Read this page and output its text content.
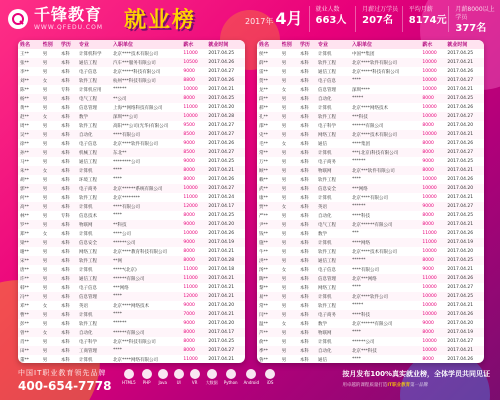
千锋教育
WWW.QFEDU.COM 就业榜	2017年 4月 就业人数
663人
月薪过万学员
207名
平均月薪
8174元
月薪8000以上学员
377名
姓名	性别	学历	专业	入职单位	薪水	就业时间
王**	男	本科	计算机科学	北京****技术有限公司	11000	2017.04.25
张**	男	本科	通信工程	汽车***服务有限公司	10500	2017.04.26
李**	男	本科	电子信息	北京*****科技有限公司	9000	2017.04.27
刘**	女	本科	软件工程	杭州***科技有限公司	8800	2017.04.26
陈**	男	专科	计算机应用	******	10000	2017.04.21
杨**	男	本科	电气工程	**公司	8000	2017.04.25
黄**	男	本科	信息管理	上海**网络科技有限公司	11000	2017.04.20
赵**	女	本科	数学	深圳***公司	10000	2017.04.28
周**	男	本科	软件工程	高阳***公司(光华)有限公司	9500	2017.04.27
吴**	男	本科	自动化	****有限公司	8500	2017.04.27
徐**	男	本科	电子信息	北京****软件有限公司	9000	2017.04.26
孙**	男	本科	机械工程	东北**	8500	2017.04.27
马**	男	本科	通信工程	********公司	9000	2017.04.25
朱**	女	本科	计算机	****	8000	2017.04.21
胡**	男	本科	环境工程	****	8000	2017.04.26
郭**	男	本科	电子商务	北京******系统有限公司	10000	2017.04.27
何**	男	本科	软件工程	北京********	11000	2017.04.24
高**	男	本科	计算机	****有限公司	12000	2017.04.17
林**	男	专科	信息技术	****	8000	2017.04.25
罗**	男	本科	物联网	**科技	9000	2017.04.20
郑**	女	本科	计算机	****公司	10000	2017.04.26
梁**	男	本科	信息安全	******公司	9000	2017.04.19
谢**	男	本科	网络工程	北京****教育科技有限公司	8000	2017.04.21
宋**	男	本科	软件工程	**网	8000	2017.04.28
唐**	男	本科	计算机	*****(北京)	11000	2017.04.18
许**	男	本科	通信工程	******有限公司	11000	2017.04.21
韩**	男	本科	电子信息	***网络	11000	2017.04.21
冯**	男	本科	信息管理	****	12000	2017.04.21
邓**	女	本科	英语	北京****网络技术	9000	2017.04.20
曹**	男	本科	计算机	****	7000	2017.04.21
彭**	男	本科	软件工程	******	9000	2017.04.20
曾**	女	本科	自动化	******有限公司	8000	2017.04.17
肖**	男	本科	电子科学	北京***科技有限公司	8000	2017.04.25
田**	男	本科	工商管理	****	8000	2017.04.27
董**	男	本科	计算机	北京****网络有限公司	11000	2017.04.21

姓名	性别	学历	专业	入职单位	薪水	就业时间
侯**	男	本科	计算机	中国**集团	10000	2017.04.25
薛**	男	本科	软件工程	北京****软件有限公司	10000	2017.04.21
雷**	男	本科	通信工程	北京*****科技有限公司	10000	2017.04.26
贺**	男	本科	电子信息	****	10000	2017.04.27
龙**	女	本科	信息管理	深圳****	10000	2017.04.21
段**	男	本科	自动化	*****	8000	2017.04.25
郝**	男	本科	计算机	北京****网络技术	10000	2017.04.26
孔**	男	本科	软件工程	***科技	10000	2017.04.27
邵**	男	本科	电子科学	******有限公司	8000	2017.04.20
史**	男	本科	网络工程	北京****技术有限公司	10000	2017.04.21
毛**	女	本科	通信	****集团	8000	2017.04.26
常**	男	本科	计算机	***(北京)科技有限公司	8000	2017.04.27
万**	男	本科	电子商务	******	9000	2017.04.25
顾**	男	本科	物联网	北京***软件有限公司	8000	2017.04.21
赖**	男	本科	软件工程	****	10000	2017.04.26
武**	男	本科	信息安全	***网络	10000	2017.04.20
康**	男	本科	计算机	北京****有限公司	10000	2017.04.21
贾**	女	本科	英语	******	9000	2017.04.27
严**	男	本科	自动化	****科技	8000	2017.04.25
尹**	男	本科	电气工程	北京******有限公司	8000	2017.04.21
钱**	男	本科	数学	***	11000	2017.04.26
施**	男	本科	计算机	****网络	11000	2017.04.19
牛**	男	本科	软件工程	北京****技术有限公司	10000	2017.04.20
洪**	男	本科	通信工程	******	8000	2017.04.25
汤**	女	本科	电子信息	****有限公司	9000	2017.04.21
陶**	男	本科	信息管理	北京***网络	11000	2017.04.26
黎**	男	本科	网络工程	****	10000	2017.04.27
易**	男	本科	计算机	北京****软件公司	10000	2017.04.25
常**	男	本科	软件工程	*****	10000	2017.04.21
闫**	男	本科	电子商务	****科技	10000	2017.04.26
温**	女	本科	数学	北京******有限公司	9000	2017.04.20
芦**	男	本科	物联网	****	8000	2017.04.19
俞**	男	本科	计算机	******公司	10000	2017.04.27
季**	男	本科	自动化	北京***科技	10000	2017.04.21
鲁**	男	本科	通信	****	8000	2017.04.26

中国IT职业教育领先品牌
400-654-7778	HTML5 PHP Java UI	VR 大数据 Python Android iOS
按月发布100%真实就业榜，全体学员共同见证
用卓越的课程质量打造IT职业教育第一品牌
